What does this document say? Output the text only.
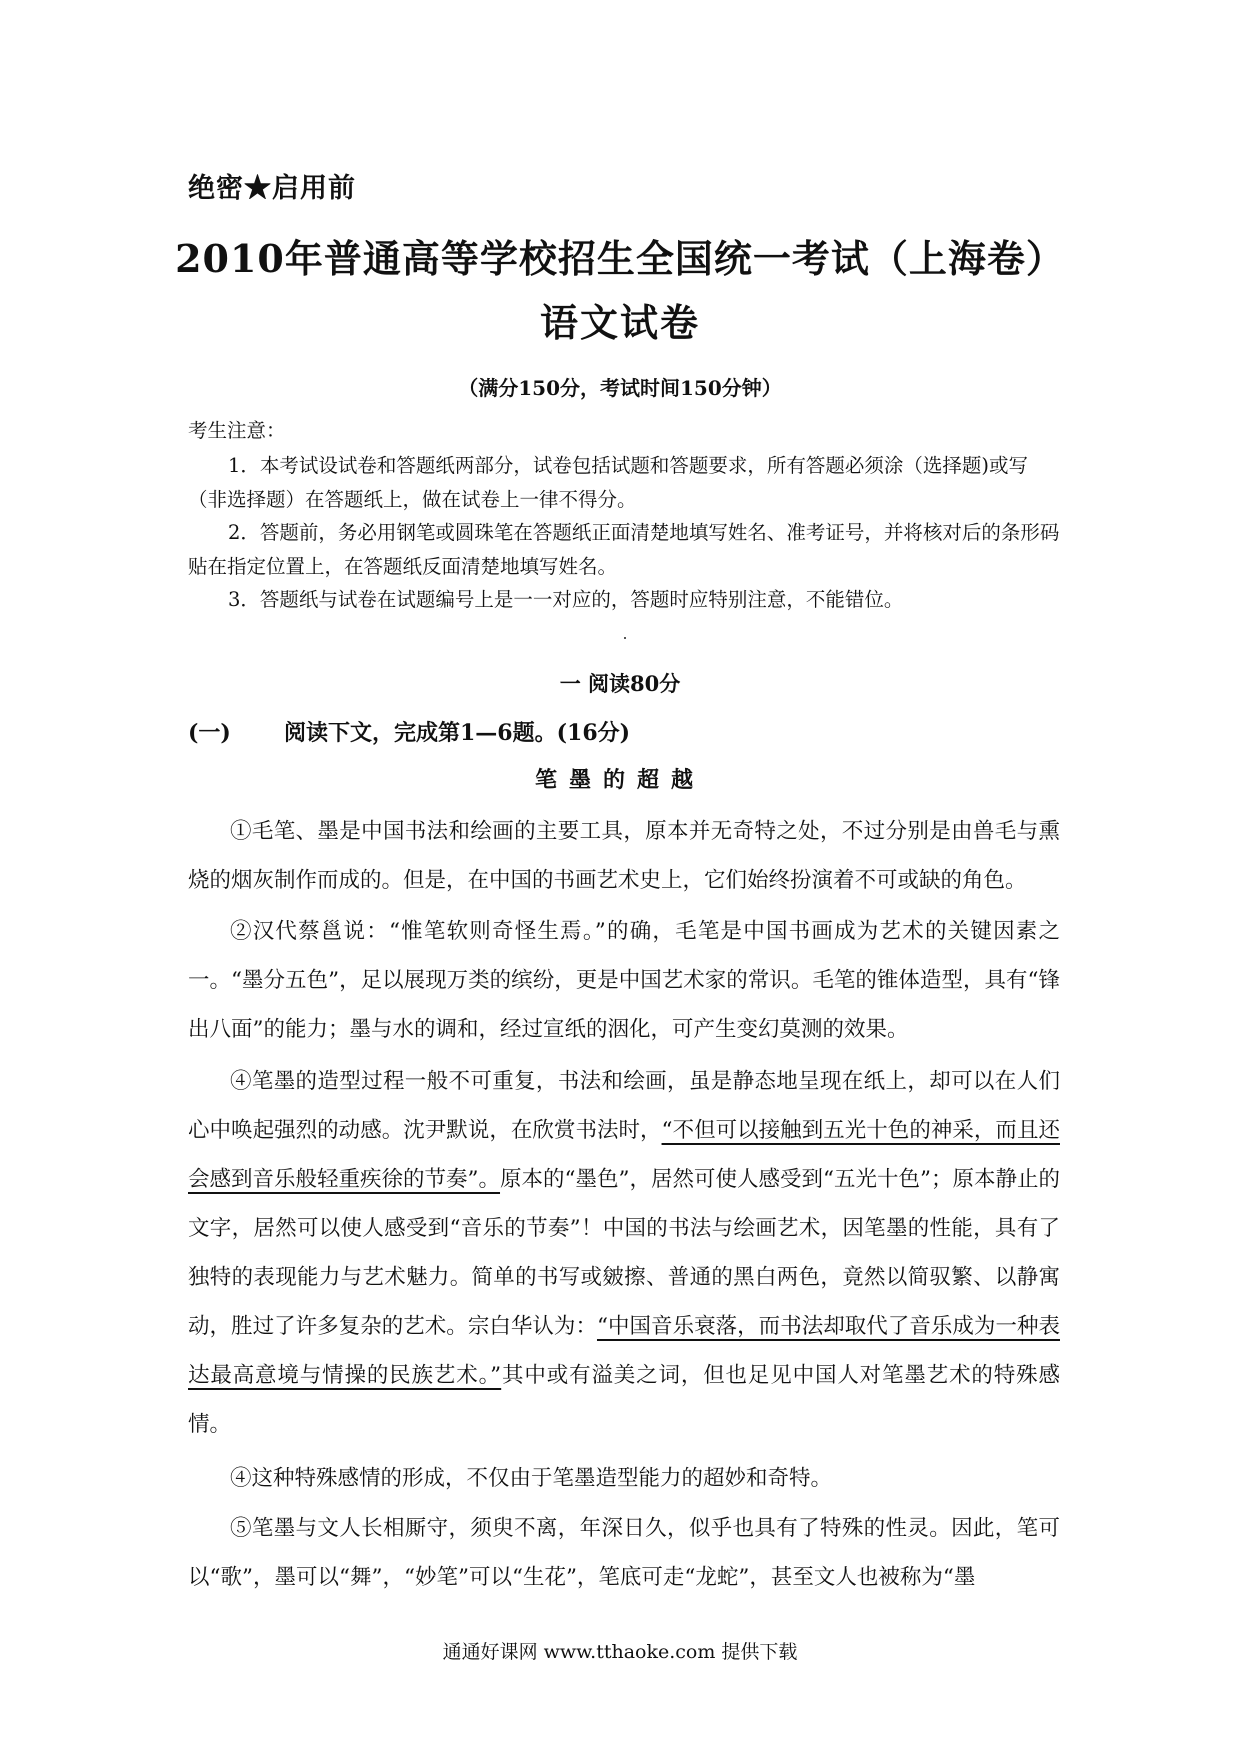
绝密★启用前
2010年普通高等学校招生全国统一考试（上海卷）
语文试卷
（满分150分，考试时间150分钟）
考生注意：
1．本考试设试卷和答题纸两部分，试卷包括试题和答题要求，所有答题必须涂（选择题)或写（非选择题）在答题纸上，做在试卷上一律不得分。
2．答题前，务必用钢笔或圆珠笔在答题纸正面清楚地填写姓名、准考证号，并将核对后的条形码贴在指定位置上，在答题纸反面清楚地填写姓名。
3．答题纸与试卷在试题编号上是一一对应的，答题时应特别注意，不能错位。
一 阅读80分
(一) 阅读下文，完成第1—6题。(16分)
笔墨的超越
①毛笔、墨是中国书法和绘画的主要工具，原本并无奇特之处，不过分别是由兽毛与熏烧的烟灰制作而成的。但是，在中国的书画艺术史上，它们始终扮演着不可或缺的角色。
②汉代蔡邕说：“惟笔软则奇怪生焉。”的确，毛笔是中国书画成为艺术的关键因素之一。“墨分五色”，足以展现万类的缤纷，更是中国艺术家的常识。毛笔的锥体造型，具有“锋出八面”的能力；墨与水的调和，经过宣纸的洇化，可产生变幻莫测的效果。
④笔墨的造型过程一般不可重复，书法和绘画，虽是静态地呈现在纸上，却可以在人们心中唤起强烈的动感。沈尹默说，在欣赏书法时，“不但可以接触到五光十色的神采，而且还会感到音乐般轻重疾徐的节奏”。原本的“墨色”，居然可使人感受到“五光十色”；原本静止的文字，居然可以使人感受到“音乐的节奏”！中国的书法与绘画艺术，因笔墨的性能，具有了独特的表现能力与艺术魅力。简单的书写或皴擦、普通的黑白两色，竟然以简驭繁、以静寓动，胜过了许多复杂的艺术。宗白华认为：“中国音乐衰落，而书法却取代了音乐成为一种表达最高意境与情操的民族艺术。”其中或有溢美之词，但也足见中国人对笔墨艺术的特殊感情。
④这种特殊感情的形成，不仅由于笔墨造型能力的超妙和奇特。
⑤笔墨与文人长相厮守，须臾不离，年深日久，似乎也具有了特殊的性灵。因此，笔可以“歌”，墨可以“舞”，“妙笔”可以“生花”，笔底可走“龙蛇”，甚至文人也被称为“墨
通通好课网 www.tthaoke.com 提供下载
